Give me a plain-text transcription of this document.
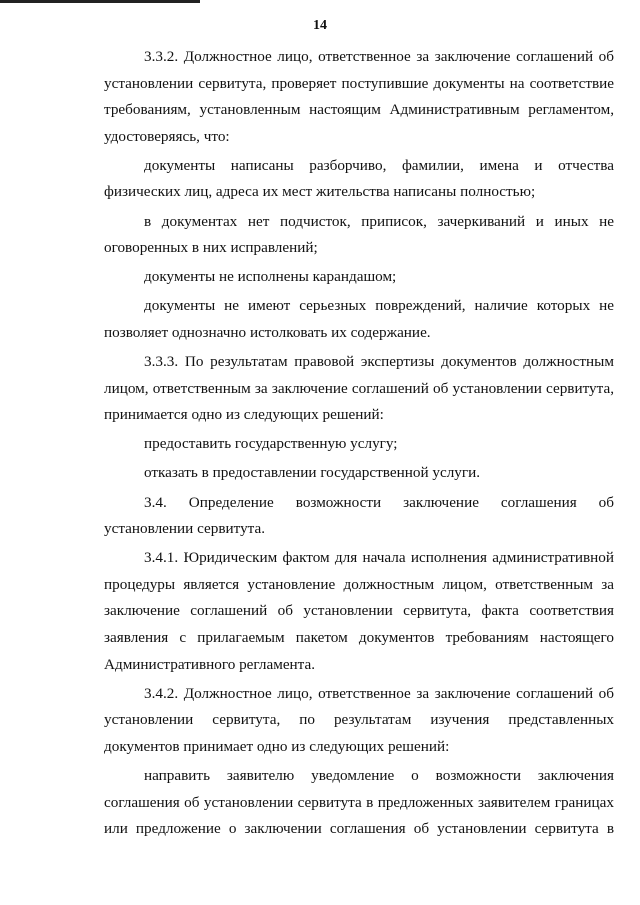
14

3.3.2. Должностное лицо, ответственное за заключение соглашений об установлении сервитута, проверяет поступившие документы на соответствие требованиям, установленным настоящим Административным регламентом, удостоверяясь, что:

документы написаны разборчиво, фамилии, имена и отчества физических лиц, адреса их мест жительства написаны полностью;

в документах нет подчисток, приписок, зачеркиваний и иных не оговоренных в них исправлений;

документы не исполнены карандашом;

документы не имеют серьезных повреждений, наличие которых не позволяет однозначно истолковать их содержание.

3.3.3. По результатам правовой экспертизы документов должностным лицом, ответственным за заключение соглашений об установлении сервитута, принимается одно из следующих решений:

предоставить государственную услугу;

отказать в предоставлении государственной услуги.

3.4. Определение возможности заключение соглашения об установлении сервитута.

3.4.1. Юридическим фактом для начала исполнения административной процедуры является установление должностным лицом, ответственным за заключение соглашений об установлении сервитута, факта соответствия заявления с прилагаемым пакетом документов требованиям настоящего Административного регламента.

3.4.2. Должностное лицо, ответственное за заключение соглашений об установлении сервитута, по результатам изучения представленных документов принимает одно из следующих решений:

направить заявителю уведомление о возможности заключения соглашения об установлении сервитута в предложенных заявителем границах или предложение о заключении соглашения об установлении сервитута в
